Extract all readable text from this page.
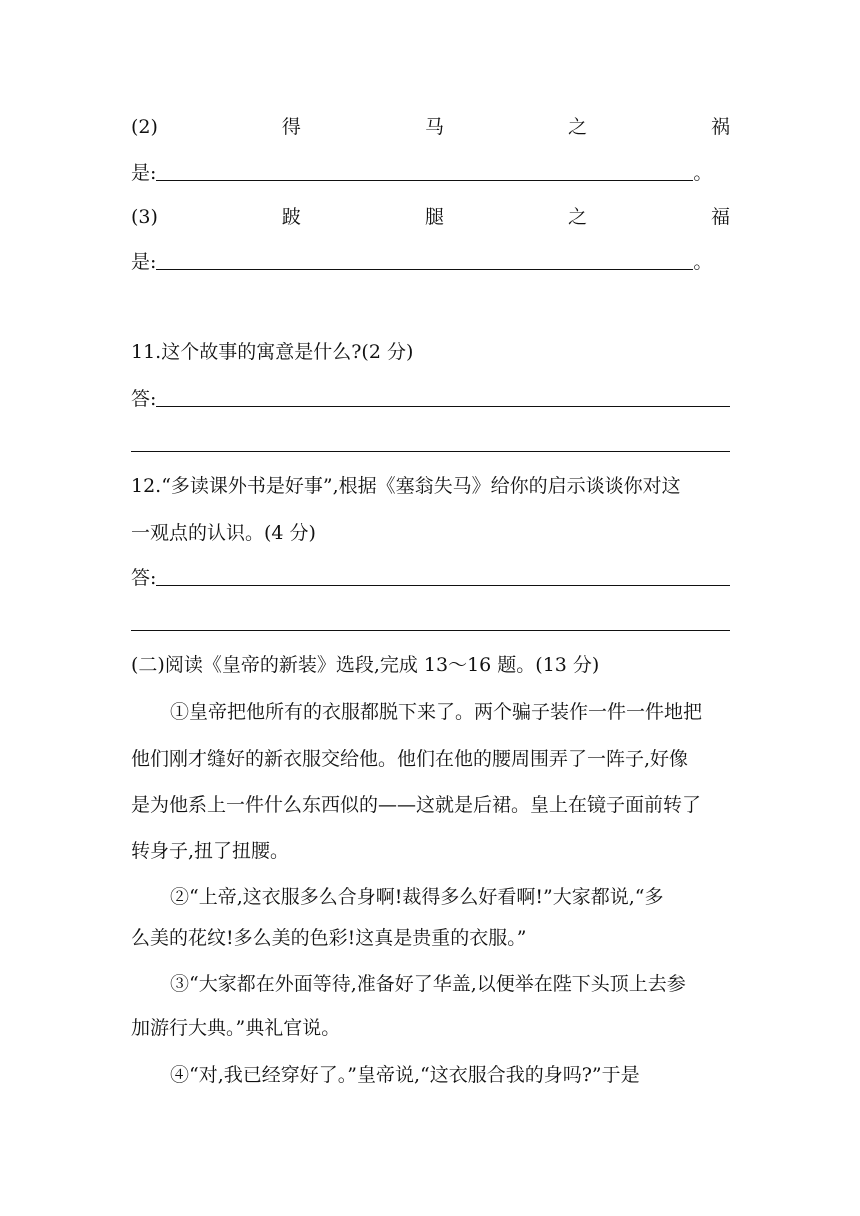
(2)	得	马	之	祸
是:	。
(3)	跛	腿	之	福
是:	。
11.这个故事的寓意是什么?(2 分)
答:
12.“多读课外书是好事”,根据《塞翁失马》给你的启示谈谈你对这
一观点的认识。(4 分)
答:
(二)阅读《皇帝的新装》选段,完成 13～16 题。(13 分)
①皇帝把他所有的衣服都脱下来了。两个骗子装作一件一件地把
他们刚才缝好的新衣服交给他。他们在他的腰周围弄了一阵子,好像
是为他系上一件什么东西似的——这就是后裙。皇上在镜子面前转了
转身子,扭了扭腰。
②“上帝,这衣服多么合身啊!裁得多么好看啊!”大家都说,“多
么美的花纹!多么美的色彩!这真是贵重的衣服。”
③“大家都在外面等待,准备好了华盖,以便举在陛下头顶上去参
加游行大典。”典礼官说。
④“对,我已经穿好了。”皇帝说,“这衣服合我的身吗?”于是
